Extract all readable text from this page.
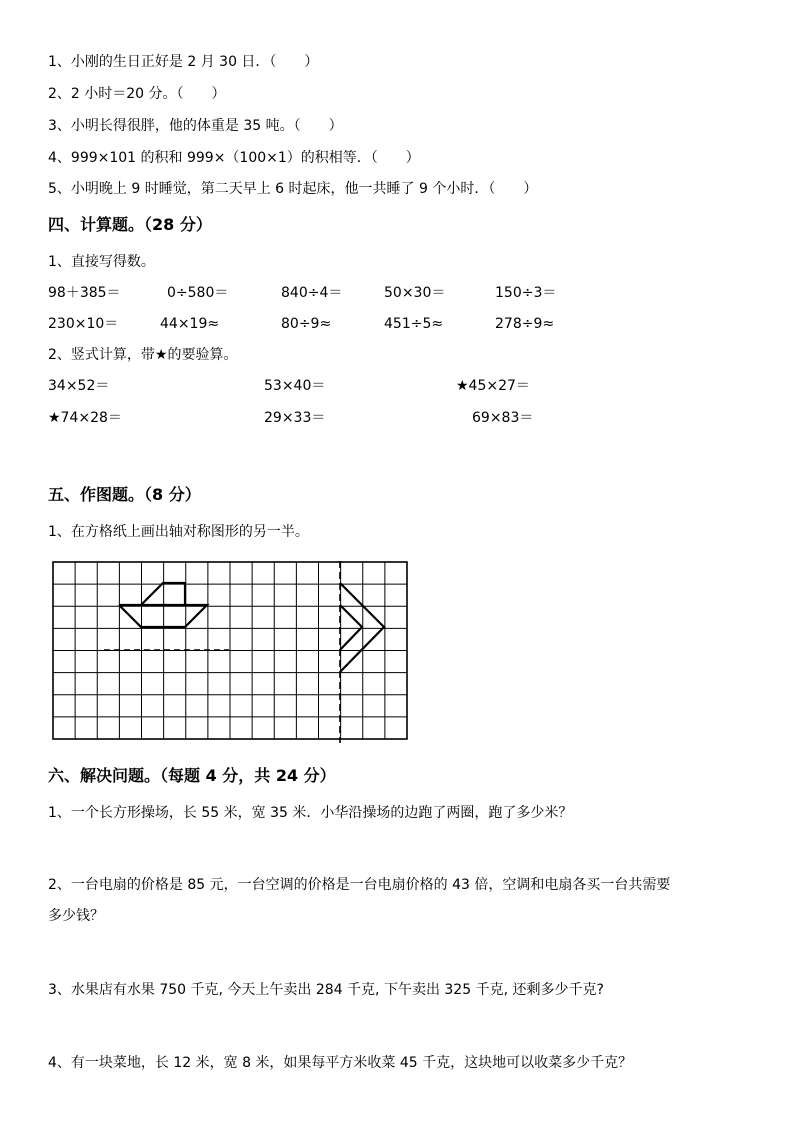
1、小刚的生日正好是 2 月 30 日．（　　）
2、2 小时＝20 分。（　　）
3、小明长得很胖，他的体重是 35 吨。（　　）
4、999×101 的积和 999×（100×1）的积相等．（　　）
5、小明晚上 9 时睡觉，第二天早上 6 时起床，他一共睡了 9 个小时．（　　）
四、计算题。（28 分）
1、直接写得数。
98＋385＝	0÷580＝	840÷4＝	50×30＝	150÷3＝
230×10＝	44×19≈	80÷9≈	451÷5≈	278÷9≈
2、竖式计算，带★的要验算。
34×52＝	53×40＝	★45×27＝
★74×28＝	29×33＝	69×83＝
五、作图题。（8 分）
1、在方格纸上画出轴对称图形的另一半。
六、解决问题。（每题 4 分，共 24 分）
1、一个长方形操场，长 55 米，宽 35 米．小华沿操场的边跑了两圈，跑了多少米？
2、一台电扇的价格是 85 元，一台空调的价格是一台电扇价格的 43 倍，空调和电扇各买一台共需要
多少钱？
3、水果店有水果 750 千克, 今天上午卖出 284 千克, 下午卖出 325 千克, 还剩多少千克?
4、有一块菜地，长 12 米，宽 8 米，如果每平方米收菜 45 千克，这块地可以收菜多少千克？
